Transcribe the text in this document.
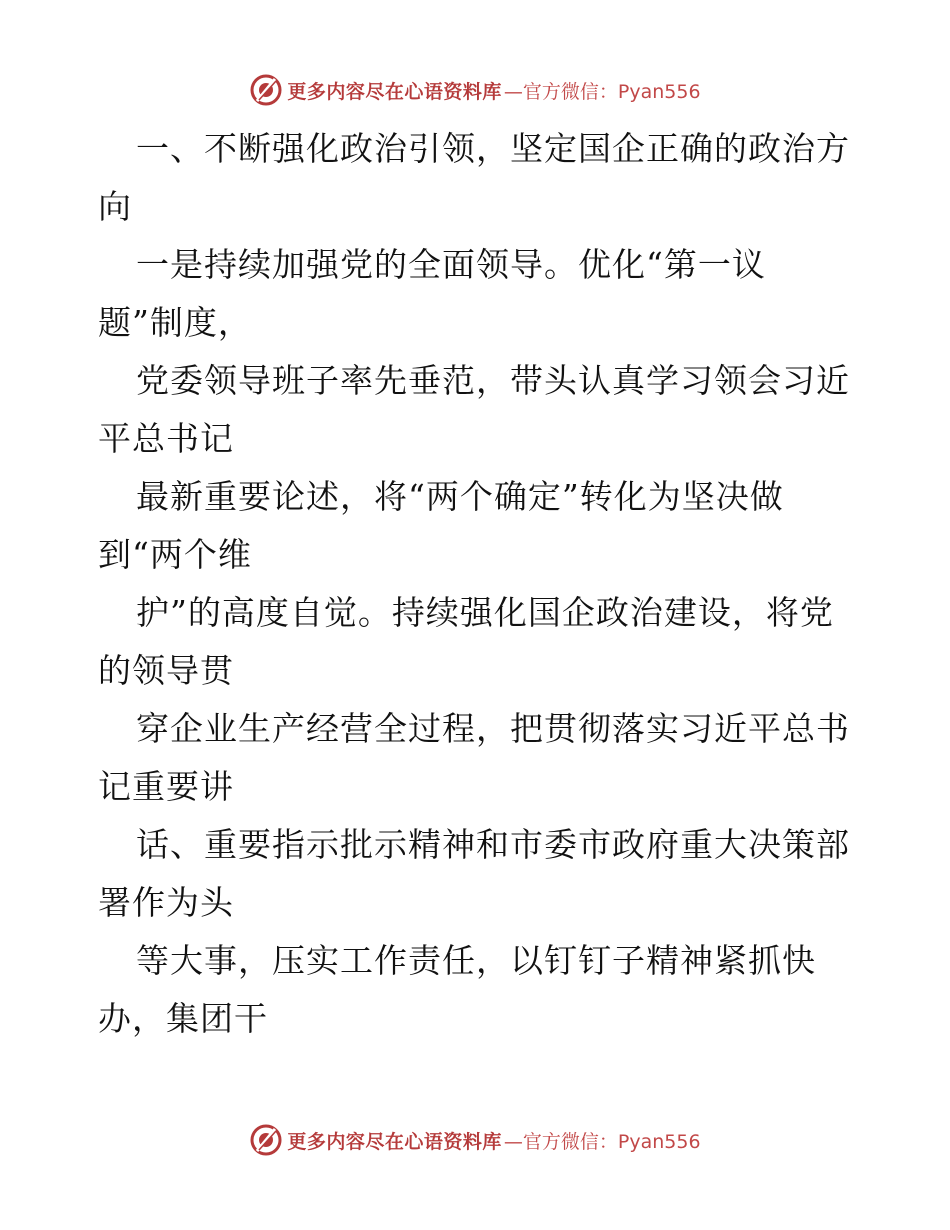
更多内容尽在心语资料库 —官方微信：Pyan556
一、不断强化政治引领，坚定国企正确的政治方
向
一是持续加强党的全面领导。优化“第一议
题”制度，
党委领导班子率先垂范，带头认真学习领会习近
平总书记
最新重要论述，将“两个确定”转化为坚决做
到“两个维
护”的高度自觉。持续强化国企政治建设，将党
的领导贯
穿企业生产经营全过程，把贯彻落实习近平总书
记重要讲
话、重要指示批示精神和市委市政府重大决策部
署作为头
等大事，压实工作责任，以钉钉子精神紧抓快
办，集团干
更多内容尽在心语资料库 —官方微信：Pyan556
